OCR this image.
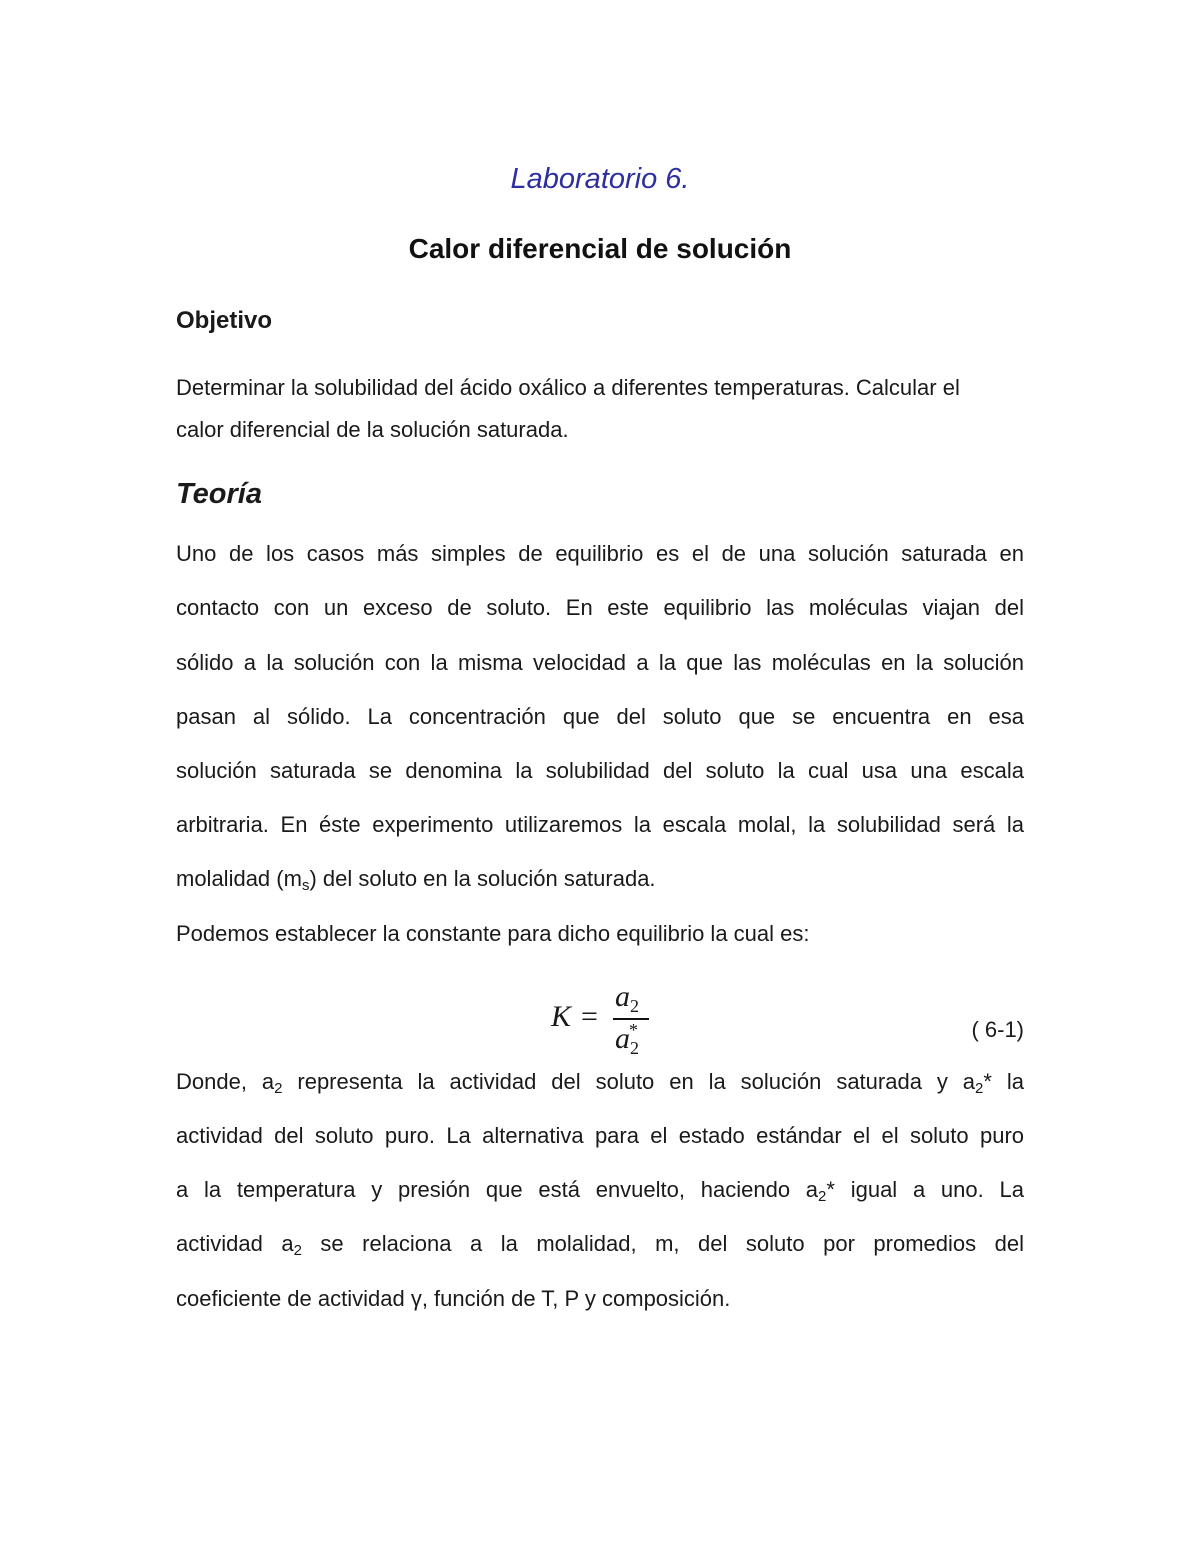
Laboratorio 6.
Calor diferencial de solución
Objetivo
Determinar la solubilidad del ácido oxálico a diferentes temperaturas. Calcular el
calor diferencial de la solución saturada.
Teoría
Uno de los casos más simples de equilibrio es el de una solución saturada en
contacto con un exceso de soluto. En este equilibrio las moléculas viajan del
sólido a la solución con la misma velocidad a la que las moléculas en la solución
pasan al sólido. La concentración que del soluto que se encuentra en esa
solución saturada se denomina la solubilidad del soluto la cual usa una escala
arbitraria. En éste experimento utilizaremos la escala molal, la solubilidad será la
molalidad (ms) del soluto en la solución saturada.
Podemos establecer la constante para dicho equilibrio la cual es:
K =
$a_2$
$a_2^*$	( 6-1)
Donde, a2 representa la actividad del soluto en la solución saturada y a2* la
actividad del soluto puro. La alternativa para el estado estándar el el soluto puro
a la temperatura y presión que está envuelto, haciendo a2* igual a uno. La
actividad a2 se relaciona a la molalidad, m, del soluto por promedios del
coeficiente de actividad γ, función de T, P y composición.
